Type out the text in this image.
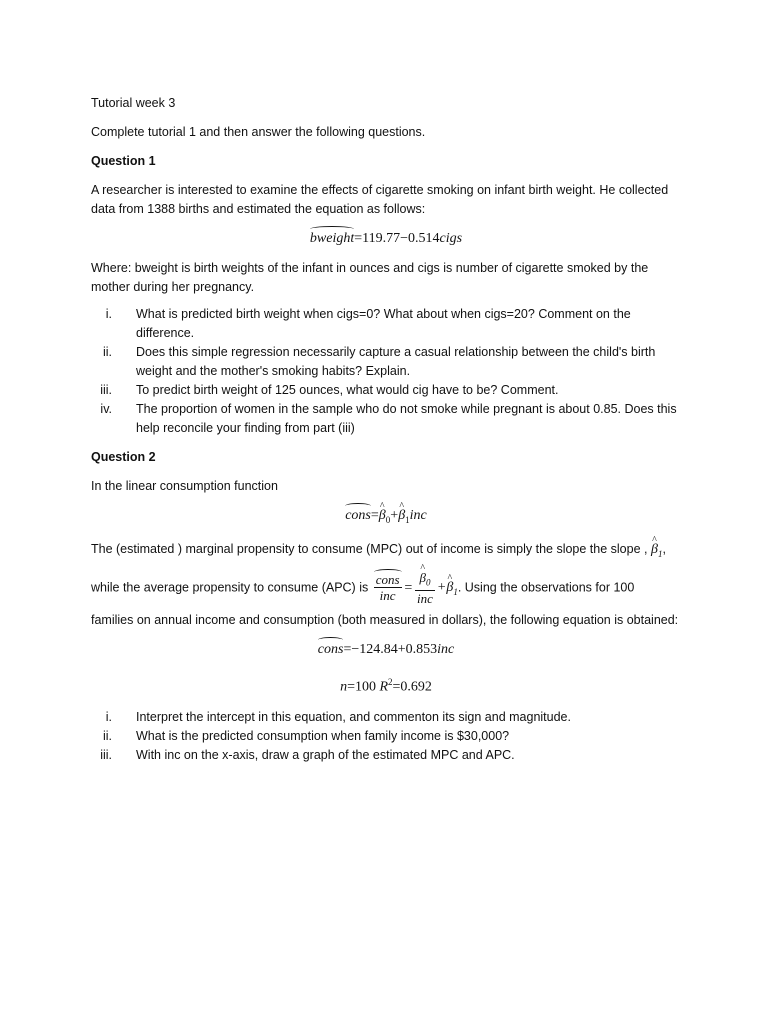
Tutorial week 3

Complete tutorial 1 and then answer the following questions.

Question 1

A researcher is interested to examine the effects of cigarette smoking on infant birth weight. He collected data from 1388 births and estimated the equation as follows:

bweight=119.77−0.514cigs

Where: bweight is birth weights of the infant in ounces and cigs is number of cigarette smoked by the mother during her pregnancy.

i. What is predicted birth weight when cigs=0? What about when cigs=20? Comment on the difference.
ii. Does this simple regression necessarily capture a casual relationship between the child's birth weight and the mother's smoking habits? Explain.
iii. To predict birth weight of 125 ounces, what would cig have to be? Comment.
iv. The proportion of women in the sample who do not smoke while pregnant is about 0.85. Does this help reconcile your finding from part (iii)

Question 2

In the linear consumption function

cons=^ $\beta_0+\^{}$ $\beta_1inc$

The (estimated ) marginal propensity to consume (MPC) out of income is simply the slope the slope , ^ $\beta_1$,

while the average propensity to consume (APC) is $\frac{\text{cons}}{\text{inc}}$ = ^ $\frac{\beta_0}{\text{inc}}$ +^ $\beta_1$. Using the observations for 100

families on annual income and consumption (both measured in dollars), the following equation is obtained:

cons=−124.84+0.853inc
n=100 $R^2=0.692$
i. Interpret the intercept in this equation, and commenton its sign and magnitude.
ii. What is the predicted consumption when family income is $30,000?
iii. With inc on the x-axis, draw a graph of the estimated MPC and APC.
